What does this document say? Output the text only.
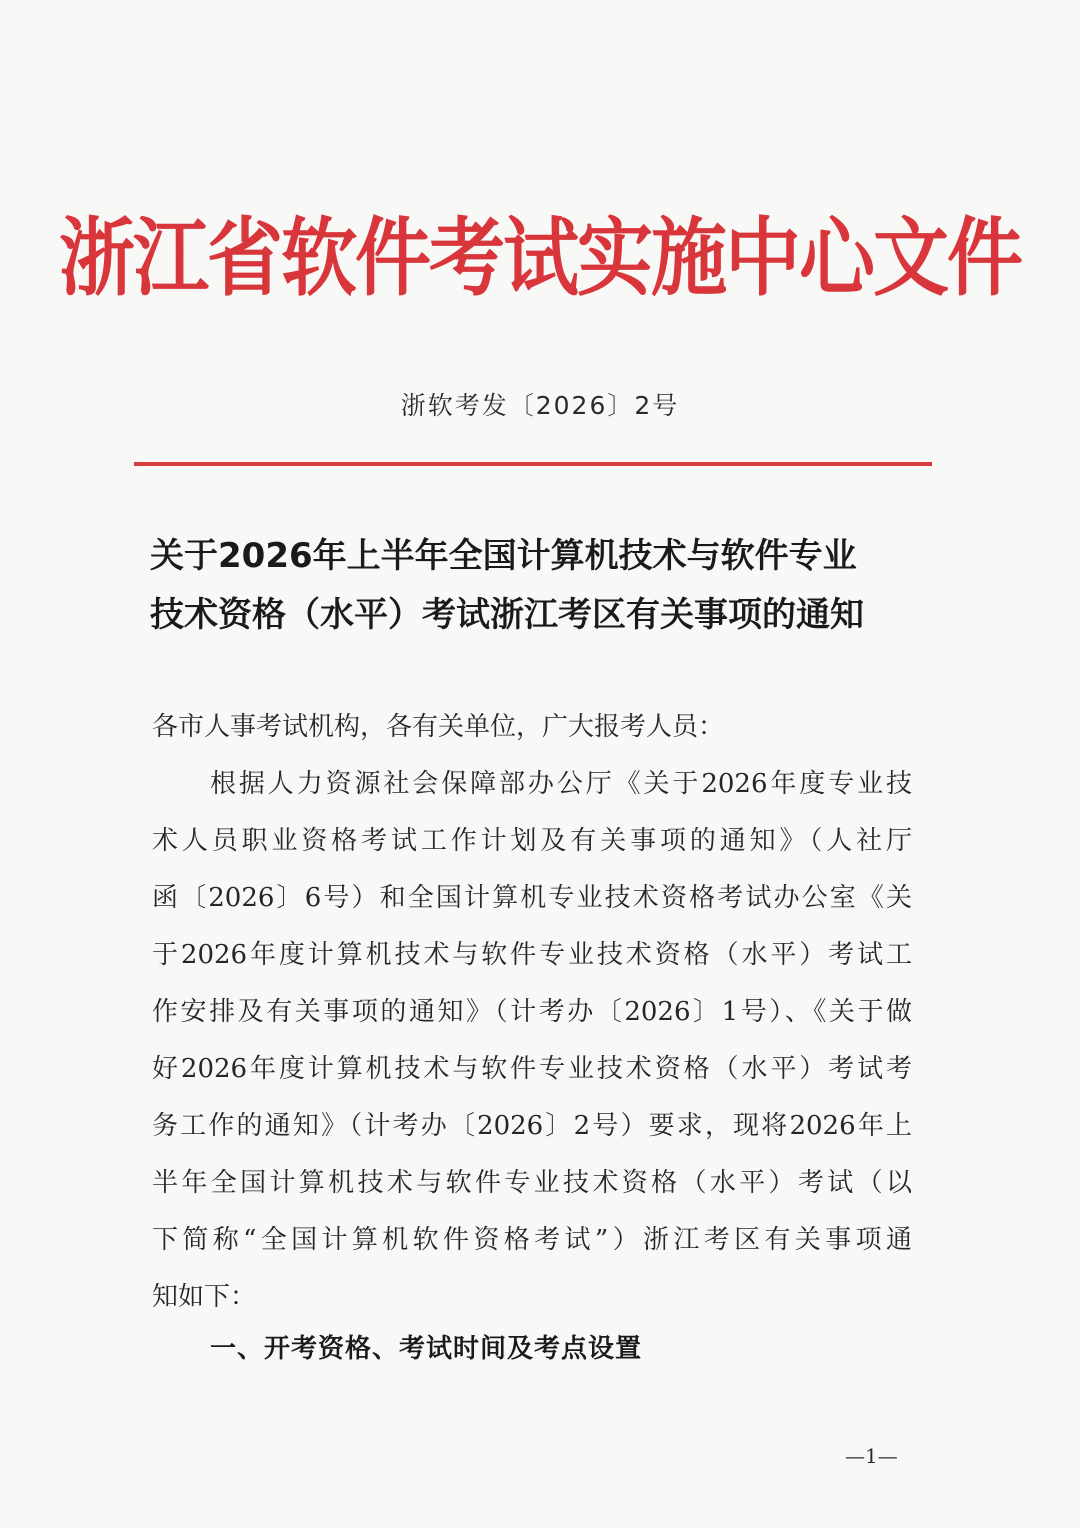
浙江省软件考试实施中心文件
浙软考发〔2026〕2号
关于2026年上半年全国计算机技术与软件专业
技术资格（水平）考试浙江考区有关事项的通知
各市人事考试机构，各有关单位，广大报考人员：
根据人力资源社会保障部办公厅《关于2026年度专业技
术人员职业资格考试工作计划及有关事项的通知》（人社厅
函〔2026〕6号）和全国计算机专业技术资格考试办公室《关
于2026年度计算机技术与软件专业技术资格（水平）考试工
作安排及有关事项的通知》（计考办〔2026〕1号）、《关于做
好2026年度计算机技术与软件专业技术资格（水平）考试考
务工作的通知》（计考办〔2026〕2号）要求，现将2026年上
半年全国计算机技术与软件专业技术资格（水平）考试（以
下简称“全国计算机软件资格考试”）浙江考区有关事项通
知如下：
一、开考资格、考试时间及考点设置
—1—
